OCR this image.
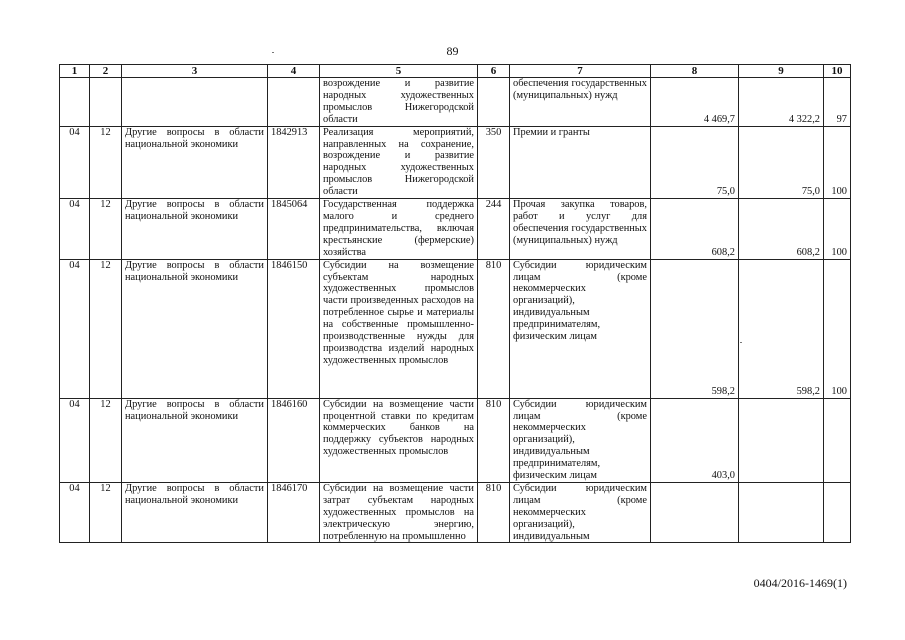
89
1	2	3	4	5	6	7	8	9	10
				возрождение и развитие народных художественных промыслов Нижегородской области		обеспечения государственных (муниципальных) нужд	4 469,7	4 322,2	97
04	12	Другие вопросы в области национальной экономики	1842913	Реализация мероприятий, направленных на сохранение, возрождение и развитие народных художественных промыслов Нижегородской области	350	Премии и гранты	75,0	75,0	100
04	12	Другие вопросы в области национальной экономики	1845064	Государственная поддержка малого и среднего предпринимательства, включая крестьянские (фермерские) хозяйства	244	Прочая закупка товаров, работ и услуг для обеспечения государственных (муниципальных) нужд	608,2	608,2	100
04	12	Другие вопросы в области национальной экономики	1846150	Субсидии на возмещение субъектам народных художественных промыслов части произведенных расходов на потребленное сырье и материалы на собственные промышленно-производственные нужды для производства изделий народных художественных промыслов	810	Субсидии юридическим лицам (кроме некоммерческих организаций), индивидуальным предпринимателям, физическим лицам	598,2	598,2	100
04	12	Другие вопросы в области национальной экономики	1846160	Субсидии на возмещение части процентной ставки по кредитам коммерческих банков на поддержку субъектов народных художественных промыслов	810	Субсидии юридическим лицам (кроме некоммерческих организаций), индивидуальным предпринимателям, физическим лицам	403,0		
04	12	Другие вопросы в области национальной экономики	1846170	Субсидии на возмещение части затрат субъектам народных художественных промыслов на электрическую энергию, потребленную на промышленно	810	Субсидии юридическим лицам (кроме некоммерческих организаций), индивидуальным			
0404/2016-1469(1)
